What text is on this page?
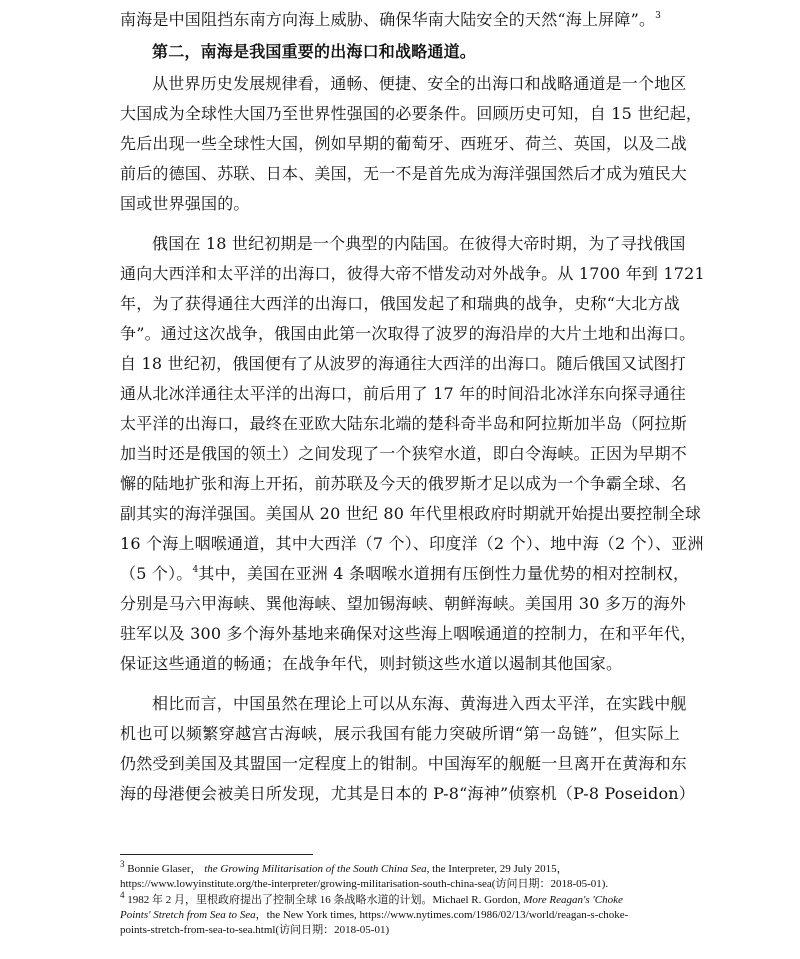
南海是中国阻挡东南方向海上威胁、确保华南大陆安全的天然“海上屏障”。$^3$
第二，南海是我国重要的出海口和战略通道。
从世界历史发展规律看，通畅、便捷、安全的出海口和战略通道是一个地区
大国成为全球性大国乃至世界性强国的必要条件。回顾历史可知，自 15 世纪起，
先后出现一些全球性大国，例如早期的葡萄牙、西班牙、荷兰、英国，以及二战
前后的德国、苏联、日本、美国，无一不是首先成为海洋强国然后才成为殖民大
国或世界强国的。
俄国在 18 世纪初期是一个典型的内陆国。在彼得大帝时期，为了寻找俄国
通向大西洋和太平洋的出海口，彼得大帝不惜发动对外战争。从 1700 年到 1721
年，为了获得通往大西洋的出海口，俄国发起了和瑞典的战争，史称“大北方战
争”。通过这次战争，俄国由此第一次取得了波罗的海沿岸的大片土地和出海口。
自 18 世纪初，俄国便有了从波罗的海通往大西洋的出海口。随后俄国又试图打
通从北冰洋通往太平洋的出海口，前后用了 17 年的时间沿北冰洋东向探寻通往
太平洋的出海口，最终在亚欧大陆东北端的楚科奇半岛和阿拉斯加半岛（阿拉斯
加当时还是俄国的领土）之间发现了一个狭窄水道，即白令海峡。正因为早期不
懈的陆地扩张和海上开拓，前苏联及今天的俄罗斯才足以成为一个争霸全球、名
副其实的海洋强国。美国从 20 世纪 80 年代里根政府时期就开始提出要控制全球
16 个海上咽喉通道，其中大西洋（7 个）、印度洋（2 个）、地中海（2 个）、亚洲
（5 个）。$^4$其中，美国在亚洲 4 条咽喉水道拥有压倒性力量优势的相对控制权，
分别是马六甲海峡、巽他海峡、望加锡海峡、朝鲜海峡。美国用 30 多万的海外
驻军以及 300 多个海外基地来确保对这些海上咽喉通道的控制力，在和平年代，
保证这些通道的畅通；在战争年代，则封锁这些水道以遏制其他国家。
相比而言，中国虽然在理论上可以从东海、黄海进入西太平洋，在实践中舰
机也可以频繁穿越宫古海峡，展示我国有能力突破所谓“第一岛链”，但实际上
仍然受到美国及其盟国一定程度上的钳制。中国海军的舰艇一旦离开在黄海和东
海的母港便会被美日所发现，尤其是日本的 P-8“海神”侦察机（P-8 Poseidon）
$^3$ Bonnie Glaser， the Growing Militarisation of the South China Sea, the Interpreter, 29 July 2015，
https://www.lowyinstitute.org/the-interpreter/growing-militarisation-south-china-sea(访问日期：2018-05-01).
$^4$ 1982 年 2 月，里根政府提出了控制全球 16 条战略水道的计划。Michael R. Gordon, More Reagan's 'Choke
Points' Stretch from Sea to Sea，the New York times, https://www.nytimes.com/1986/02/13/world/reagan-s-choke-
points-stretch-from-sea-to-sea.html(访问日期：2018-05-01)
